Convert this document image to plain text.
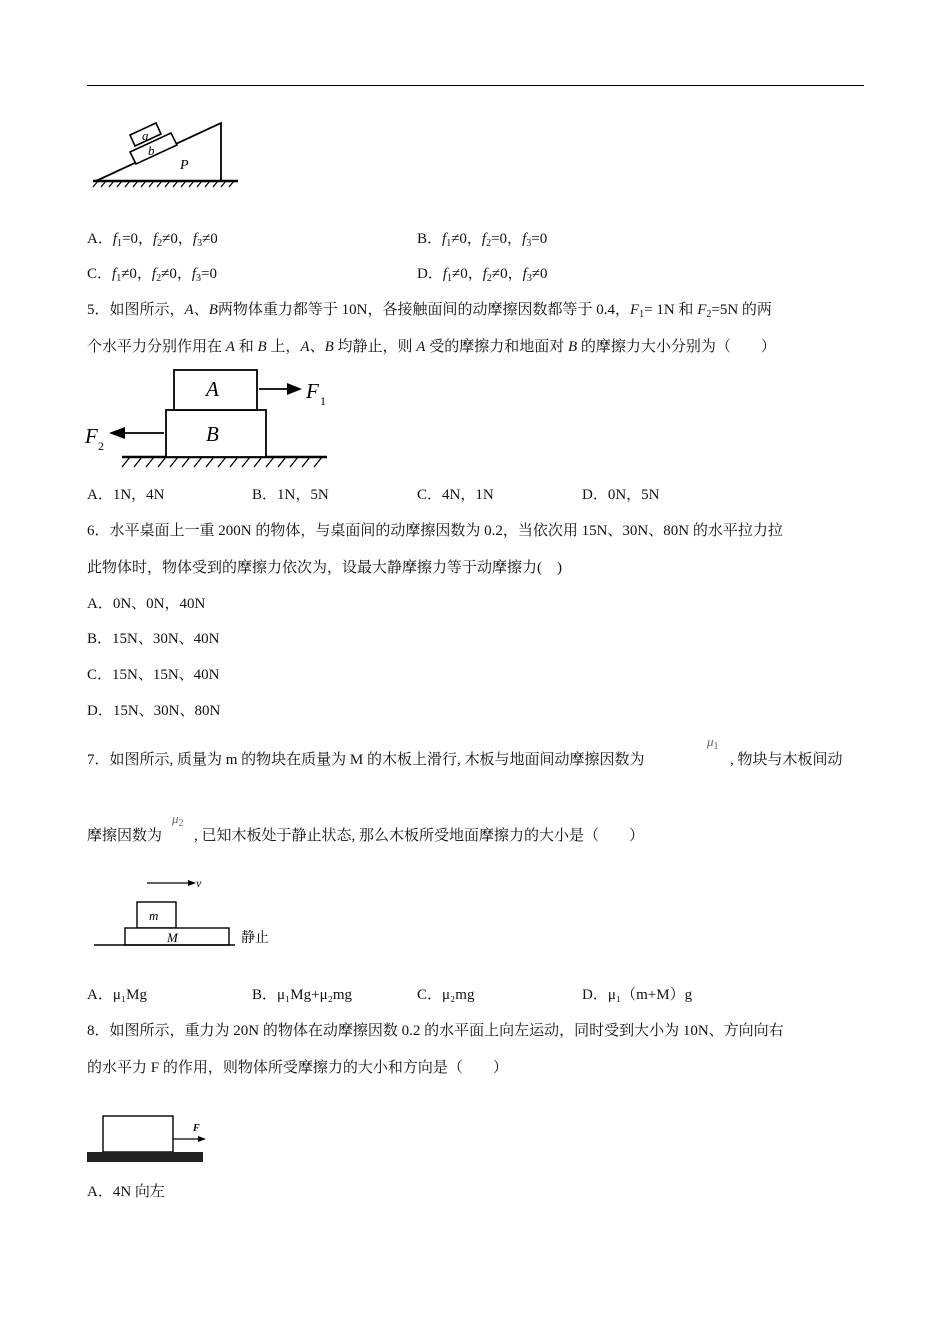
a
b
P
A．$f_1=0$，$f_2\ne 0$，$f_3\ne 0$	B．$f_1\ne 0$，$f_2=0$，$f_3=0$
C．$f_1\ne 0$，$f_2\ne 0$，$f_3=0$	D．$f_1\ne 0$，$f_2\ne 0$，$f_3\ne 0$
5．如图所示，A、B两物体重力都等于 10N，各接触面间的动摩擦因数都等于 0.4，$F_1= 1N$ 和 $F_2=5N$ 的两
个水平力分别作用在 A 和 B 上，A、B 均静止，则 A 受的摩擦力和地面对 B 的摩擦力大小分别为（　　）
A
B
F 1
F 2
A．1N，4N	B．1N，5N	C．4N，1N	D．0N，5N
6．水平桌面上一重 200N 的物体，与桌面间的动摩擦因数为 0.2，当依次用 15N、30N、80N 的水平拉力拉
此物体时，物体受到的摩擦力依次为，设最大静摩擦力等于动摩擦力(　)
A．0N、0N，40N
B．15N、30N、40N
C．15N、15N、40N
D．15N、30N、80N
7．如图所示, 质量为 m 的物块在质量为 M 的木板上滑行, 木板与地面间动摩擦因数为
$\mu_1$
, 物块与木板间动
摩擦因数为
$\mu_2$
, 已知木板处于静止状态, 那么木板所受地面摩擦力的大小是（　　）
v
m
M	静止
A．μ₁Mg	B．μ₁Mg+μ₂mg	C．μ₂mg	D．μ₁（m+M）g
8．如图所示，重力为 20N 的物体在动摩擦因数 0.2 的水平面上向左运动，同时受到大小为 10N、方向向右
的水平力 F 的作用，则物体所受摩擦力的大小和方向是（　　）
F
A．4N 向左
